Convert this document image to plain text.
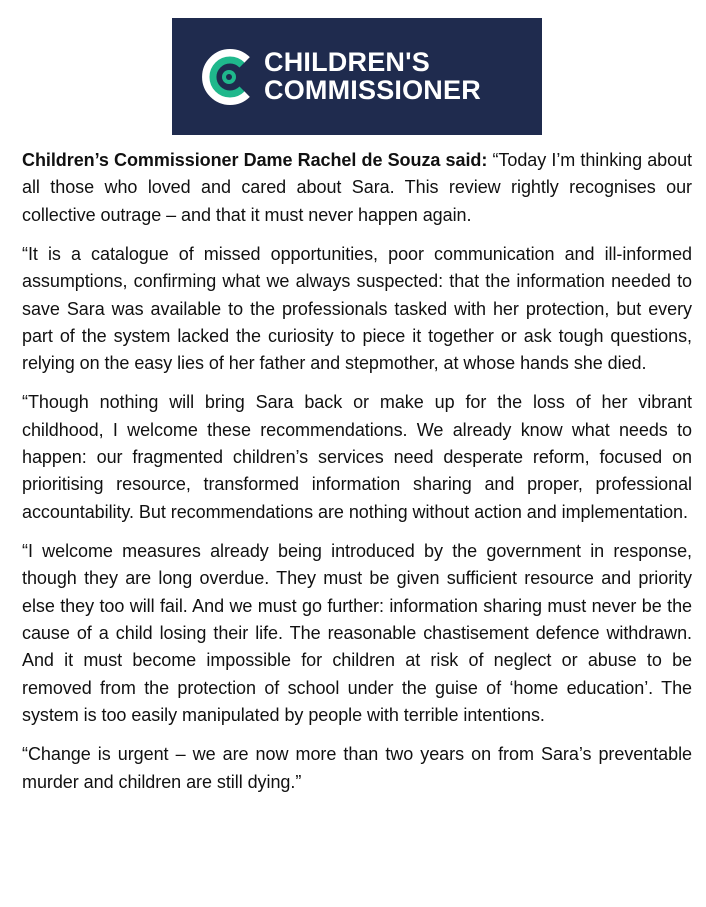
CHILDREN'S
COMMISSIONER

Children’s Commissioner Dame Rachel de Souza said: “Today I’m thinking about all those who loved and cared about Sara. This review rightly recognises our collective outrage – and that it must never happen again.

“It is a catalogue of missed opportunities, poor communication and ill-informed assumptions, confirming what we always suspected: that the information needed to save Sara was available to the professionals tasked with her protection, but every part of the system lacked the curiosity to piece it together or ask tough questions, relying on the easy lies of her father and stepmother, at whose hands she died.

“Though nothing will bring Sara back or make up for the loss of her vibrant childhood, I welcome these recommendations. We already know what needs to happen: our fragmented children’s services need desperate reform, focused on prioritising resource, transformed information sharing and proper, professional accountability. But recommendations are nothing without action and implementation.

“I welcome measures already being introduced by the government in response, though they are long overdue. They must be given sufficient resource and priority else they too will fail. And we must go further: information sharing must never be the cause of a child losing their life. The reasonable chastisement defence withdrawn. And it must become impossible for children at risk of neglect or abuse to be removed from the protection of school under the guise of ‘home education’. The system is too easily manipulated by people with terrible intentions.

“Change is urgent – we are now more than two years on from Sara’s preventable murder and children are still dying.”
